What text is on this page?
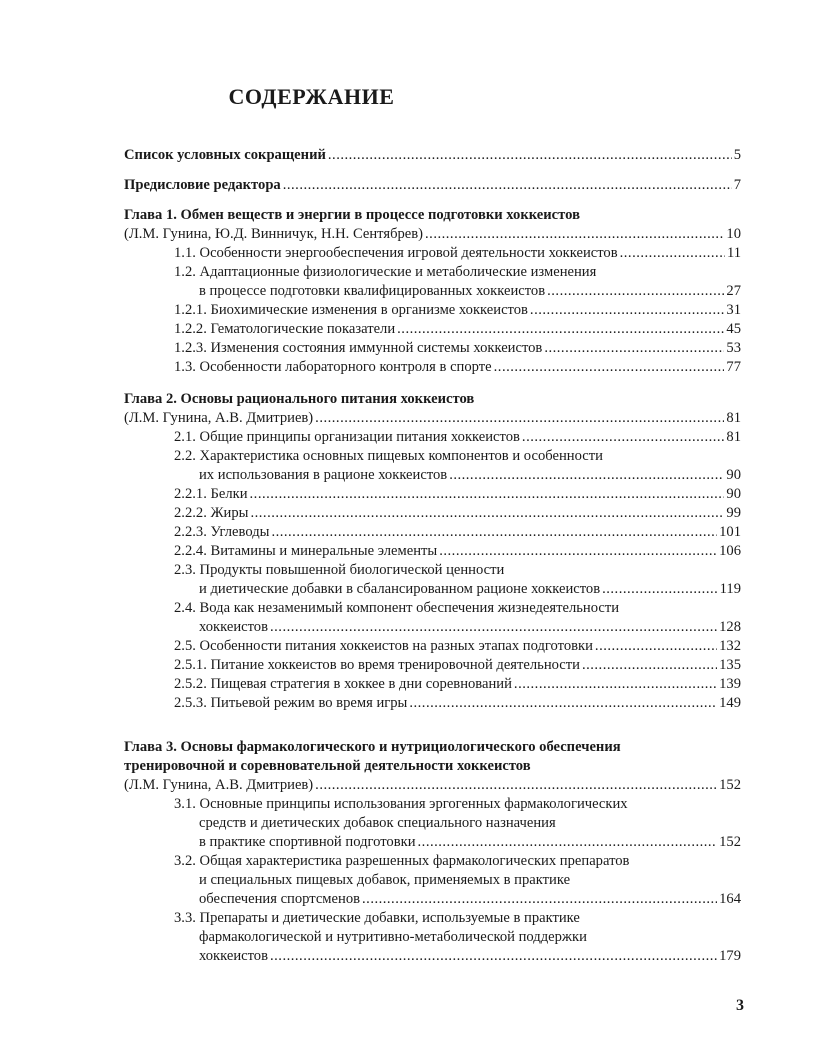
СОДЕРЖАНИЕ
Список условных сокращений .....	5
Предисловие редактора .....	7
Глава 1. Обмен веществ и энергии в процессе подготовки хоккеистов
(Л.М. Гунина, Ю.Д. Винничук, Н.Н. Сентябрев) .....	10
1.1. Особенности энергообеспечения игровой деятельности хоккеистов .....	11
1.2. Адаптационные физиологические и метаболические изменения
в процессе подготовки квалифицированных хоккеистов .....	27
1.2.1. Биохимические изменения в организме хоккеистов .....	31
1.2.2. Гематологические показатели .....	45
1.2.3. Изменения состояния иммунной системы хоккеистов .....	53
1.3. Особенности лабораторного контроля в спорте .....	77
Глава 2. Основы рационального питания хоккеистов
(Л.М. Гунина, А.В. Дмитриев) .....	81
2.1. Общие принципы организации питания хоккеистов .....	81
2.2. Характеристика основных пищевых компонентов и особенности
их использования в рационе хоккеистов .....	90
2.2.1. Белки .....	90
2.2.2. Жиры .....	99
2.2.3. Углеводы .....	101
2.2.4. Витамины и минеральные элементы .....	106
2.3. Продукты повышенной биологической ценности
и диетические добавки в сбалансированном рационе хоккеистов .....	119
2.4. Вода как незаменимый компонент обеспечения жизнедеятельности
хоккеистов .....	128
2.5. Особенности питания хоккеистов на разных этапах подготовки .....	132
2.5.1. Питание хоккеистов во время тренировочной деятельности .....	135
2.5.2. Пищевая стратегия в хоккее в дни соревнований .....	139
2.5.3. Питьевой режим во время игры .....	149
Глава 3. Основы фармакологического и нутрициологического обеспечения
тренировочной и соревновательной деятельности хоккеистов
(Л.М. Гунина, А.В. Дмитриев) .....	152
3.1. Основные принципы использования эргогенных фармакологических
средств и диетических добавок специального назначения
в практике спортивной подготовки .....	152
3.2. Общая характеристика разрешенных фармакологических препаратов
и специальных пищевых добавок, применяемых в практике
обеспечения спортсменов .....	164
3.3. Препараты и диетические добавки, используемые в практике
фармакологической и нутритивно-метаболической поддержки
хоккеистов .....	179
3
